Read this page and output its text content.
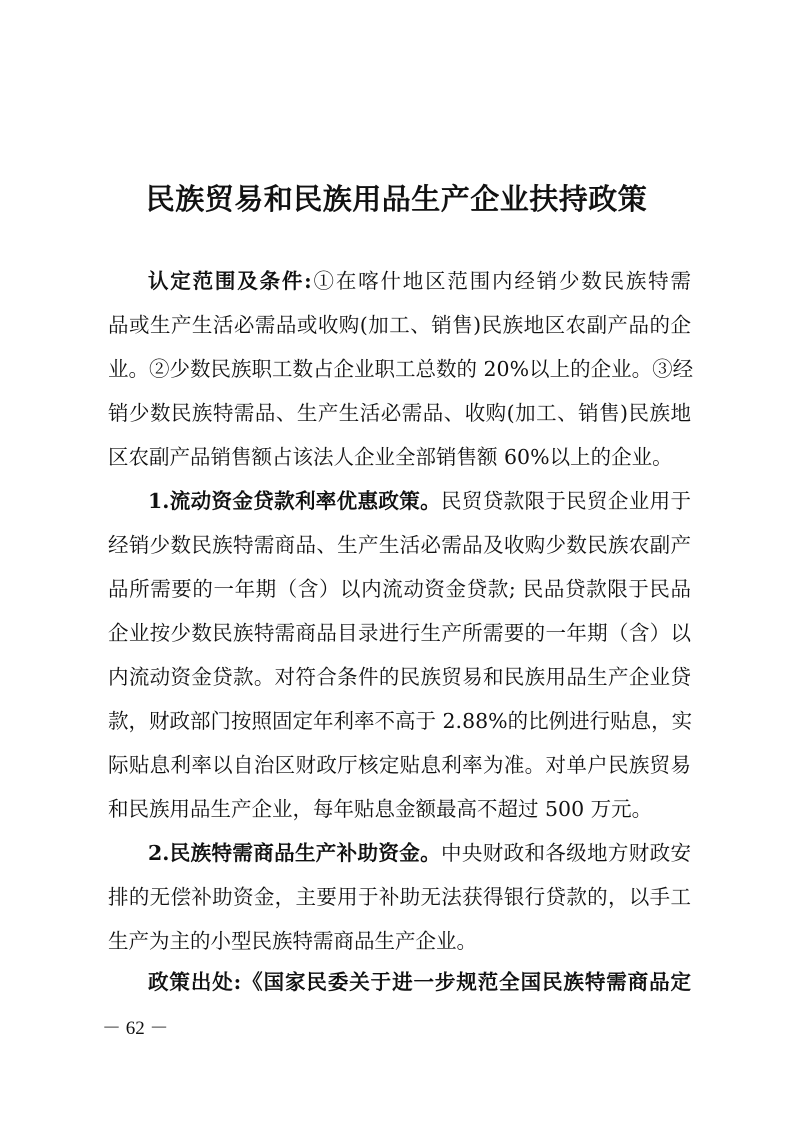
民族贸易和民族用品生产企业扶持政策
认定范围及条件:①在喀什地区范围内经销少数民族特需
品或生产生活必需品或收购(加工、销售)民族地区农副产品的企
业。②少数民族职工数占企业职工总数的 20%以上的企业。③经
销少数民族特需品、生产生活必需品、收购(加工、销售)民族地
区农副产品销售额占该法人企业全部销售额 60%以上的企业。
1.流动资金贷款利率优惠政策。民贸贷款限于民贸企业用于
经销少数民族特需商品、生产生活必需品及收购少数民族农副产
品所需要的一年期（含）以内流动资金贷款; 民品贷款限于民品
企业按少数民族特需商品目录进行生产所需要的一年期（含）以
内流动资金贷款。对符合条件的民族贸易和民族用品生产企业贷
款，财政部门按照固定年利率不高于 2.88%的比例进行贴息，实
际贴息利率以自治区财政厅核定贴息利率为准。对单户民族贸易
和民族用品生产企业，每年贴息金额最高不超过 500 万元。
2.民族特需商品生产补助资金。中央财政和各级地方财政安
排的无偿补助资金，主要用于补助无法获得银行贷款的，以手工
生产为主的小型民族特需商品生产企业。
政策出处:《国家民委关于进一步规范全国民族特需商品定
－ 62 －
